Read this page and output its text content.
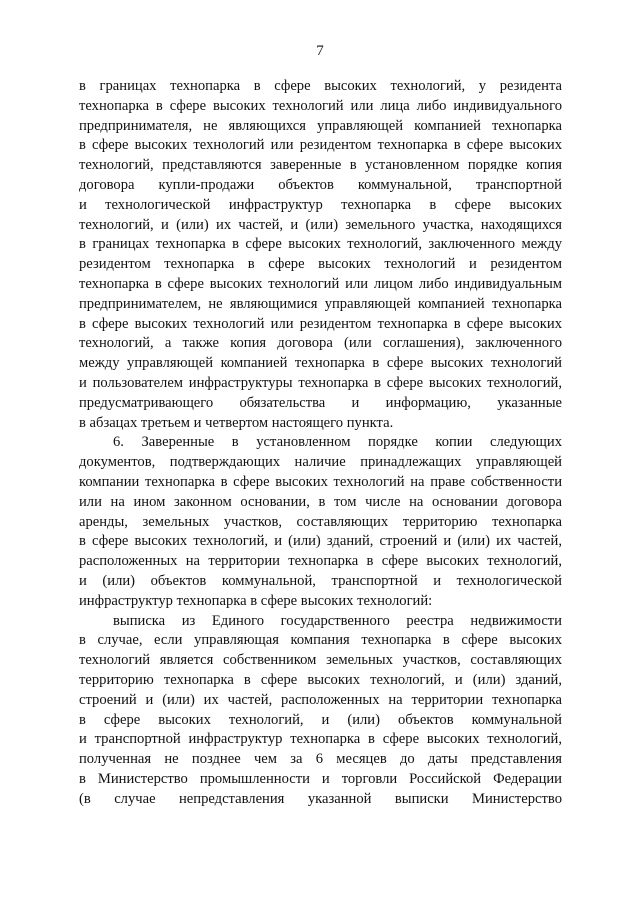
7
в границах технопарка в сфере высоких технологий, у резидента
технопарка в сфере высоких технологий или лица либо индивидуального
предпринимателя, не являющихся управляющей компанией технопарка
в сфере высоких технологий или резидентом технопарка в сфере высоких
технологий, представляются заверенные в установленном порядке копия
договора купли-продажи объектов коммунальной, транспортной
и технологической инфраструктур технопарка в сфере высоких
технологий, и (или) их частей, и (или) земельного участка, находящихся
в границах технопарка в сфере высоких технологий, заключенного между
резидентом технопарка в сфере высоких технологий и резидентом
технопарка в сфере высоких технологий или лицом либо индивидуальным
предпринимателем, не являющимися управляющей компанией технопарка
в сфере высоких технологий или резидентом технопарка в сфере высоких
технологий, а также копия договора (или соглашения), заключенного
между управляющей компанией технопарка в сфере высоких технологий
и пользователем инфраструктуры технопарка в сфере высоких технологий,
предусматривающего обязательства и информацию, указанные
в абзацах третьем и четвертом настоящего пункта.
6. Заверенные в установленном порядке копии следующих
документов, подтверждающих наличие принадлежащих управляющей
компании технопарка в сфере высоких технологий на праве собственности
или на ином законном основании, в том числе на основании договора
аренды, земельных участков, составляющих территорию технопарка
в сфере высоких технологий, и (или) зданий, строений и (или) их частей,
расположенных на территории технопарка в сфере высоких технологий,
и (или) объектов коммунальной, транспортной и технологической
инфраструктур технопарка в сфере высоких технологий:
выписка из Единого государственного реестра недвижимости
в случае, если управляющая компания технопарка в сфере высоких
технологий является собственником земельных участков, составляющих
территорию технопарка в сфере высоких технологий, и (или) зданий,
строений и (или) их частей, расположенных на территории технопарка
в сфере высоких технологий, и (или) объектов коммунальной
и транспортной инфраструктур технопарка в сфере высоких технологий,
полученная не позднее чем за 6 месяцев до даты представления
в Министерство промышленности и торговли Российской Федерации
(в случае непредставления указанной выписки Министерство
